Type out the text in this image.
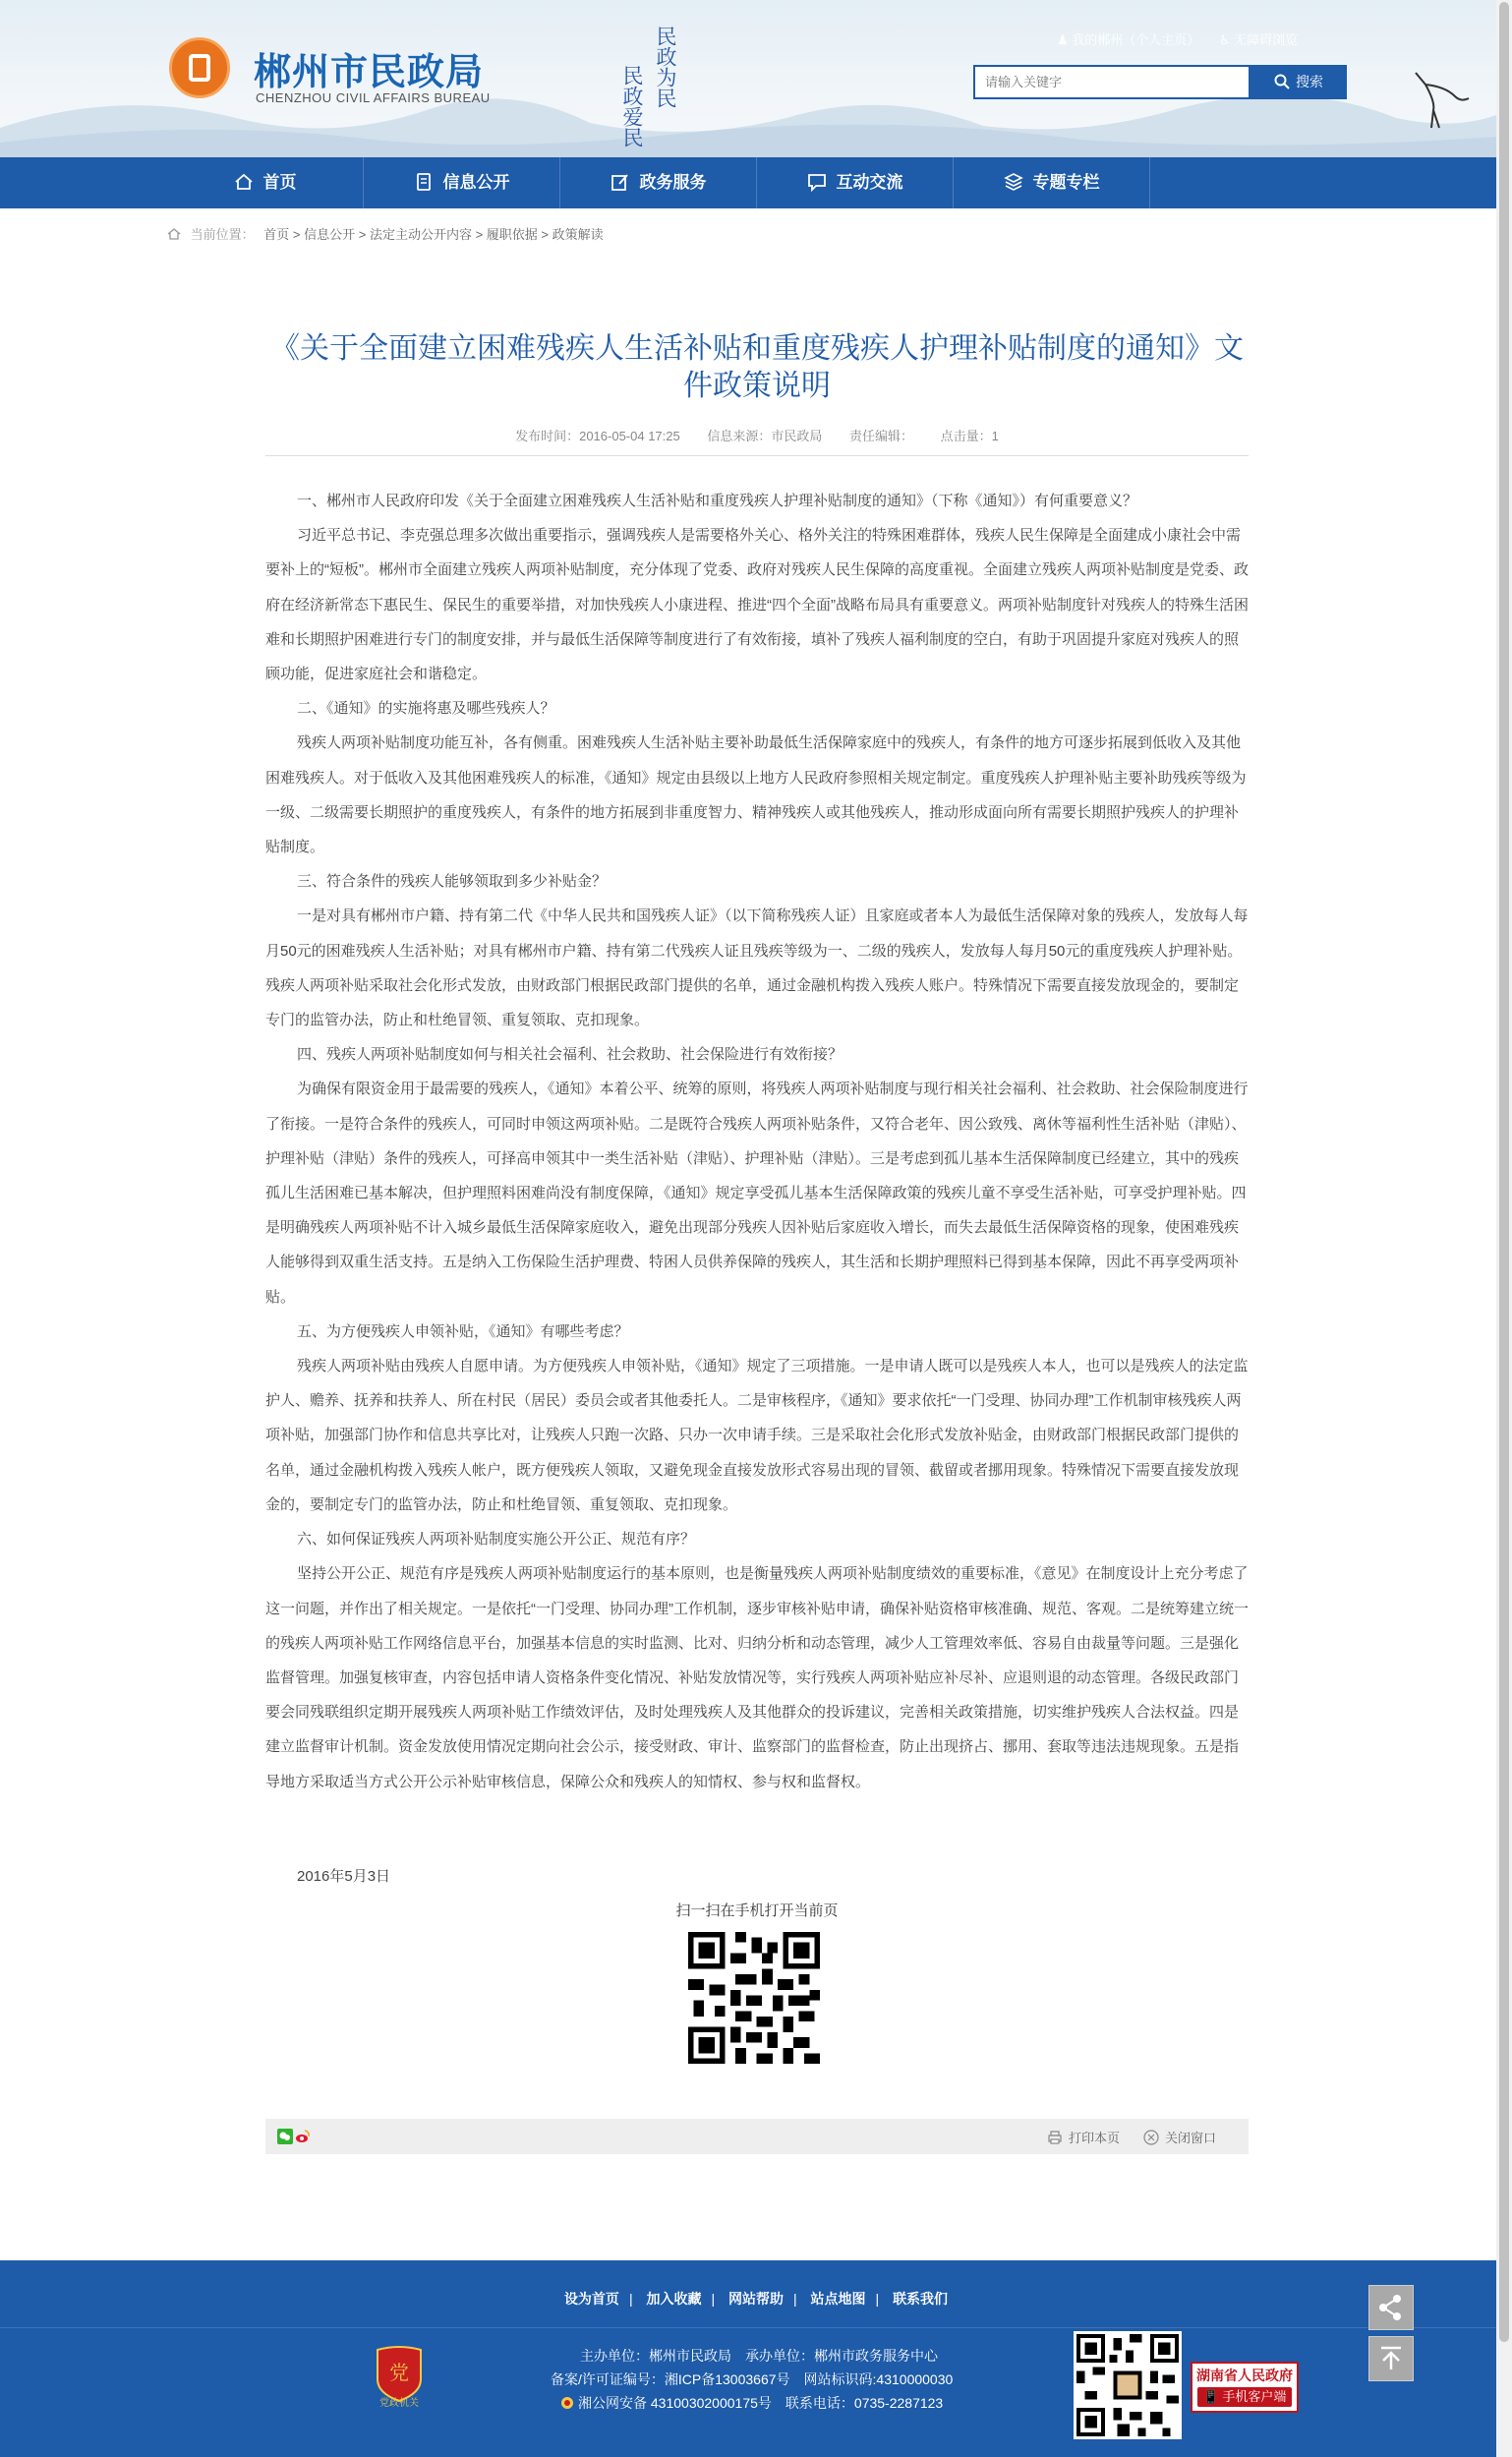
郴州市民政局
CHENZHOU CIVIL AFFAIRS BUREAU	民政爱民 民政为民	♟ 我的郴州（个人主页） ♿ 无障碍浏览
请输入关键字
搜索
首页	信息公开	政务服务	互动交流	专题专栏
当前位置： 首页 > 信息公开 > 法定主动公开内容 > 履职依据 > 政策解读
《关于全面建立困难残疾人生活补贴和重度残疾人护理补贴制度的通知》文件政策说明
发布时间：2016-05-04 17:25 信息来源：市民政局 责任编辑： 点击量：1

一、郴州市人民政府印发《关于全面建立困难残疾人生活补贴和重度残疾人护理补贴制度的通知》（下称《通知》）有何重要意义？

习近平总书记、李克强总理多次做出重要指示，强调残疾人是需要格外关心、格外关注的特殊困难群体，残疾人民生保障是全面建成小康社会中需要补上的“短板”。郴州市全面建立残疾人两项补贴制度，充分体现了党委、政府对残疾人民生保障的高度重视。全面建立残疾人两项补贴制度是党委、政府在经济新常态下惠民生、保民生的重要举措，对加快残疾人小康进程、推进“四个全面”战略布局具有重要意义。两项补贴制度针对残疾人的特殊生活困难和长期照护困难进行专门的制度安排，并与最低生活保障等制度进行了有效衔接，填补了残疾人福利制度的空白，有助于巩固提升家庭对残疾人的照顾功能，促进家庭社会和谐稳定。

二、《通知》的实施将惠及哪些残疾人？

残疾人两项补贴制度功能互补，各有侧重。困难残疾人生活补贴主要补助最低生活保障家庭中的残疾人，有条件的地方可逐步拓展到低收入及其他困难残疾人。对于低收入及其他困难残疾人的标准，《通知》规定由县级以上地方人民政府参照相关规定制定。重度残疾人护理补贴主要补助残疾等级为一级、二级需要长期照护的重度残疾人，有条件的地方拓展到非重度智力、精神残疾人或其他残疾人，推动形成面向所有需要长期照护残疾人的护理补贴制度。

三、符合条件的残疾人能够领取到多少补贴金？

一是对具有郴州市户籍、持有第二代《中华人民共和国残疾人证》（以下简称残疾人证）且家庭或者本人为最低生活保障对象的残疾人，发放每人每月50元的困难残疾人生活补贴；对具有郴州市户籍、持有第二代残疾人证且残疾等级为一、二级的残疾人，发放每人每月50元的重度残疾人护理补贴。残疾人两项补贴采取社会化形式发放，由财政部门根据民政部门提供的名单，通过金融机构拨入残疾人账户。特殊情况下需要直接发放现金的，要制定专门的监管办法，防止和杜绝冒领、重复领取、克扣现象。

四、残疾人两项补贴制度如何与相关社会福利、社会救助、社会保险进行有效衔接？

为确保有限资金用于最需要的残疾人，《通知》本着公平、统筹的原则，将残疾人两项补贴制度与现行相关社会福利、社会救助、社会保险制度进行了衔接。一是符合条件的残疾人，可同时申领这两项补贴。二是既符合残疾人两项补贴条件，又符合老年、因公致残、离休等福利性生活补贴（津贴）、护理补贴（津贴）条件的残疾人，可择高申领其中一类生活补贴（津贴）、护理补贴（津贴）。三是考虑到孤儿基本生活保障制度已经建立，其中的残疾孤儿生活困难已基本解决，但护理照料困难尚没有制度保障，《通知》规定享受孤儿基本生活保障政策的残疾儿童不享受生活补贴，可享受护理补贴。四是明确残疾人两项补贴不计入城乡最低生活保障家庭收入，避免出现部分残疾人因补贴后家庭收入增长，而失去最低生活保障资格的现象，使困难残疾人能够得到双重生活支持。五是纳入工伤保险生活护理费、特困人员供养保障的残疾人，其生活和长期护理照料已得到基本保障，因此不再享受两项补贴。

五、为方便残疾人申领补贴，《通知》有哪些考虑？

残疾人两项补贴由残疾人自愿申请。为方便残疾人申领补贴，《通知》规定了三项措施。一是申请人既可以是残疾人本人，也可以是残疾人的法定监护人、赡养、抚养和扶养人、所在村民（居民）委员会或者其他委托人。二是审核程序，《通知》要求依托“一门受理、协同办理”工作机制审核残疾人两项补贴，加强部门协作和信息共享比对，让残疾人只跑一次路、只办一次申请手续。三是采取社会化形式发放补贴金，由财政部门根据民政部门提供的名单，通过金融机构拨入残疾人帐户，既方便残疾人领取，又避免现金直接发放形式容易出现的冒领、截留或者挪用现象。特殊情况下需要直接发放现金的，要制定专门的监管办法，防止和杜绝冒领、重复领取、克扣现象。

六、如何保证残疾人两项补贴制度实施公开公正、规范有序？

坚持公开公正、规范有序是残疾人两项补贴制度运行的基本原则，也是衡量残疾人两项补贴制度绩效的重要标准，《意见》在制度设计上充分考虑了这一问题，并作出了相关规定。一是依托“一门受理、协同办理”工作机制，逐步审核补贴申请，确保补贴资格审核准确、规范、客观。二是统筹建立统一的残疾人两项补贴工作网络信息平台，加强基本信息的实时监测、比对、归纳分析和动态管理，减少人工管理效率低、容易自由裁量等问题。三是强化监督管理。加强复核审查，内容包括申请人资格条件变化情况、补贴发放情况等，实行残疾人两项补贴应补尽补、应退则退的动态管理。各级民政部门要会同残联组织定期开展残疾人两项补贴工作绩效评估，及时处理残疾人及其他群众的投诉建议，完善相关政策措施，切实维护残疾人合法权益。四是建立监督审计机制。资金发放使用情况定期向社会公示，接受财政、审计、监察部门的监督检查，防止出现挤占、挪用、套取等违法违规现象。五是指导地方采取适当方式公开公示补贴审核信息，保障公众和残疾人的知情权、参与权和监督权。

2016年5月3日
扫一扫在手机打开当前页
打印本页	关闭窗口
设为首页 | 加入收藏 | 网站帮助 | 站点地图 | 联系我们
党
党政机关
主办单位：郴州市民政局 承办单位：郴州市政务服务中心
备案/许可证编号：湘ICP备13003667号 网站标识码:4310000030
湘公网安备 43100302000175号 联系电话：0735-2287123
湖南省人民政府
📱 手机客户端
